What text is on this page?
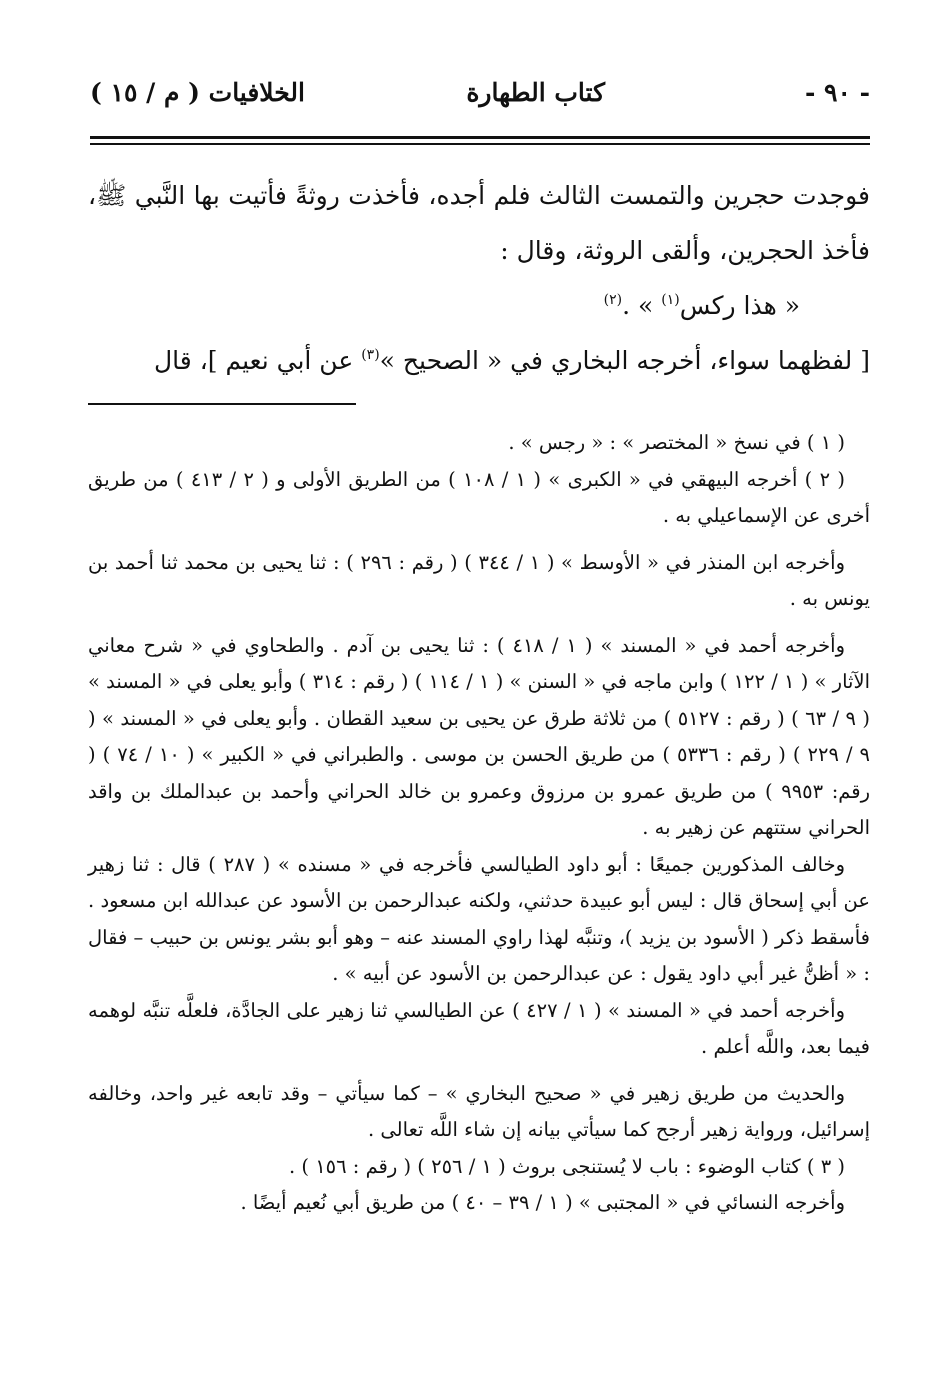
- ٩٠ -
كتاب الطهارة
الخلافيات ( م / ١٥ )

فوجدت حجرين والتمست الثالث فلم أجده، فأخذت روثةً فأتيت بها النَّبي ﷺ، فأخذ الحجرين، وألقى الروثة، وقال :

« هذا ركس$^{(١)}$ » .$^{(٢)}$

[ لفظهما سواء، أخرجه البخاري في « الصحيح »$^{(٣)}$ عن أبي نعيم ]، قال

( ١ ) في نسخ « المختصر » : « رجس » .

( ٢ ) أخرجه البيهقي في « الكبرى » ( ١ / ١٠٨ ) من الطريق الأولى و ( ٢ / ٤١٣ ) من طريق أخرى عن الإسماعيلي به .

وأخرجه ابن المنذر في « الأوسط » ( ١ / ٣٤٤ ) ( رقم : ٢٩٦ ) : ثنا يحيى بن محمد ثنا أحمد بن يونس به .

وأخرجه أحمد في « المسند » ( ١ / ٤١٨ ) : ثنا يحيى بن آدم . والطحاوي في « شرح معاني الآثار » ( ١ / ١٢٢ ) وابن ماجه في « السنن » ( ١ / ١١٤ ) ( رقم : ٣١٤ ) وأبو يعلى في « المسند » ( ٩ / ٦٣ ) ( رقم : ٥١٢٧ ) من ثلاثة طرق عن يحيى بن سعيد القطان . وأبو يعلى في « المسند » ( ٩ / ٢٢٩ ) ( رقم : ٥٣٣٦ ) من طريق الحسن بن موسى . والطبراني في « الكبير » ( ١٠ / ٧٤ ) ( رقم: ٩٩٥٣ ) من طريق عمرو بن مرزوق وعمرو بن خالد الحراني وأحمد بن عبدالملك بن واقد الحراني ستتهم عن زهير به .

وخالف المذكورين جميعًا : أبو داود الطيالسي فأخرجه في « مسنده » ( ٢٨٧ ) قال : ثنا زهير عن أبي إسحاق قال : ليس أبو عبيدة حدثني، ولكنه عبدالرحمن بن الأسود عن عبدالله ابن مسعود . فأسقط ذكر ( الأسود بن يزيد )، وتنبَّه لهذا راوي المسند عنه – وهو أبو بشر يونس بن حبيب – فقال : « أظنُّ غير أبي داود يقول : عن عبدالرحمن بن الأسود عن أبيه » .

وأخرجه أحمد في « المسند » ( ١ / ٤٢٧ ) عن الطيالسي ثنا زهير على الجادَّة، فلعلَّه تنبَّه لوهمه فيما بعد، واللَّه أعلم .

والحديث من طريق زهير في « صحيح البخاري » – كما سيأتي – وقد تابعه غير واحد، وخالفه إسرائيل، ورواية زهير أرجح كما سيأتي بيانه إن شاء اللَّه تعالى .

( ٣ ) كتاب الوضوء : باب لا يُستنجى بروث ( ١ / ٢٥٦ ) ( رقم : ١٥٦ ) .

وأخرجه النسائي في « المجتبى » ( ١ / ٣٩ – ٤٠ ) من طريق أبي نُعيم أيضًا .
